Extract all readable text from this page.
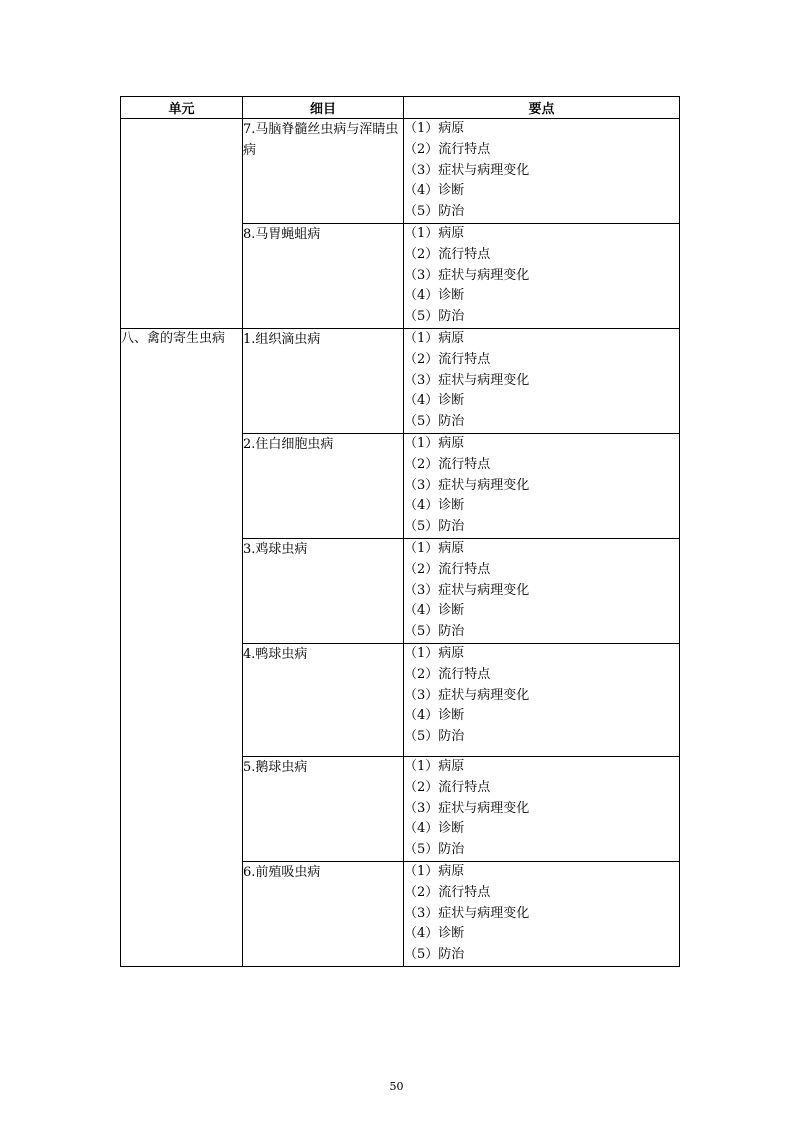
单元	细目	要点
	7.马脑脊髓丝虫病与浑睛虫病	（1）病原
（2）流行特点
（3）症状与病理变化
（4）诊断
（5）防治

	8.马胃蝇蛆病	（1）病原
（2）流行特点
（3）症状与病理变化
（4）诊断
（5）防治

八、禽的寄生虫病	1.组织滴虫病	（1）病原
（2）流行特点
（3）症状与病理变化
（4）诊断
（5）防治

	2.住白细胞虫病	（1）病原
（2）流行特点
（3）症状与病理变化
（4）诊断
（5）防治

	3.鸡球虫病	（1）病原
（2）流行特点
（3）症状与病理变化
（4）诊断
（5）防治

	4.鸭球虫病	（1）病原
（2）流行特点
（3）症状与病理变化
（4）诊断
（5）防治

	5.鹅球虫病	（1）病原
（2）流行特点
（3）症状与病理变化
（4）诊断
（5）防治

	6.前殖吸虫病	（1）病原
（2）流行特点
（3）症状与病理变化
（4）诊断
（5）防治
50
